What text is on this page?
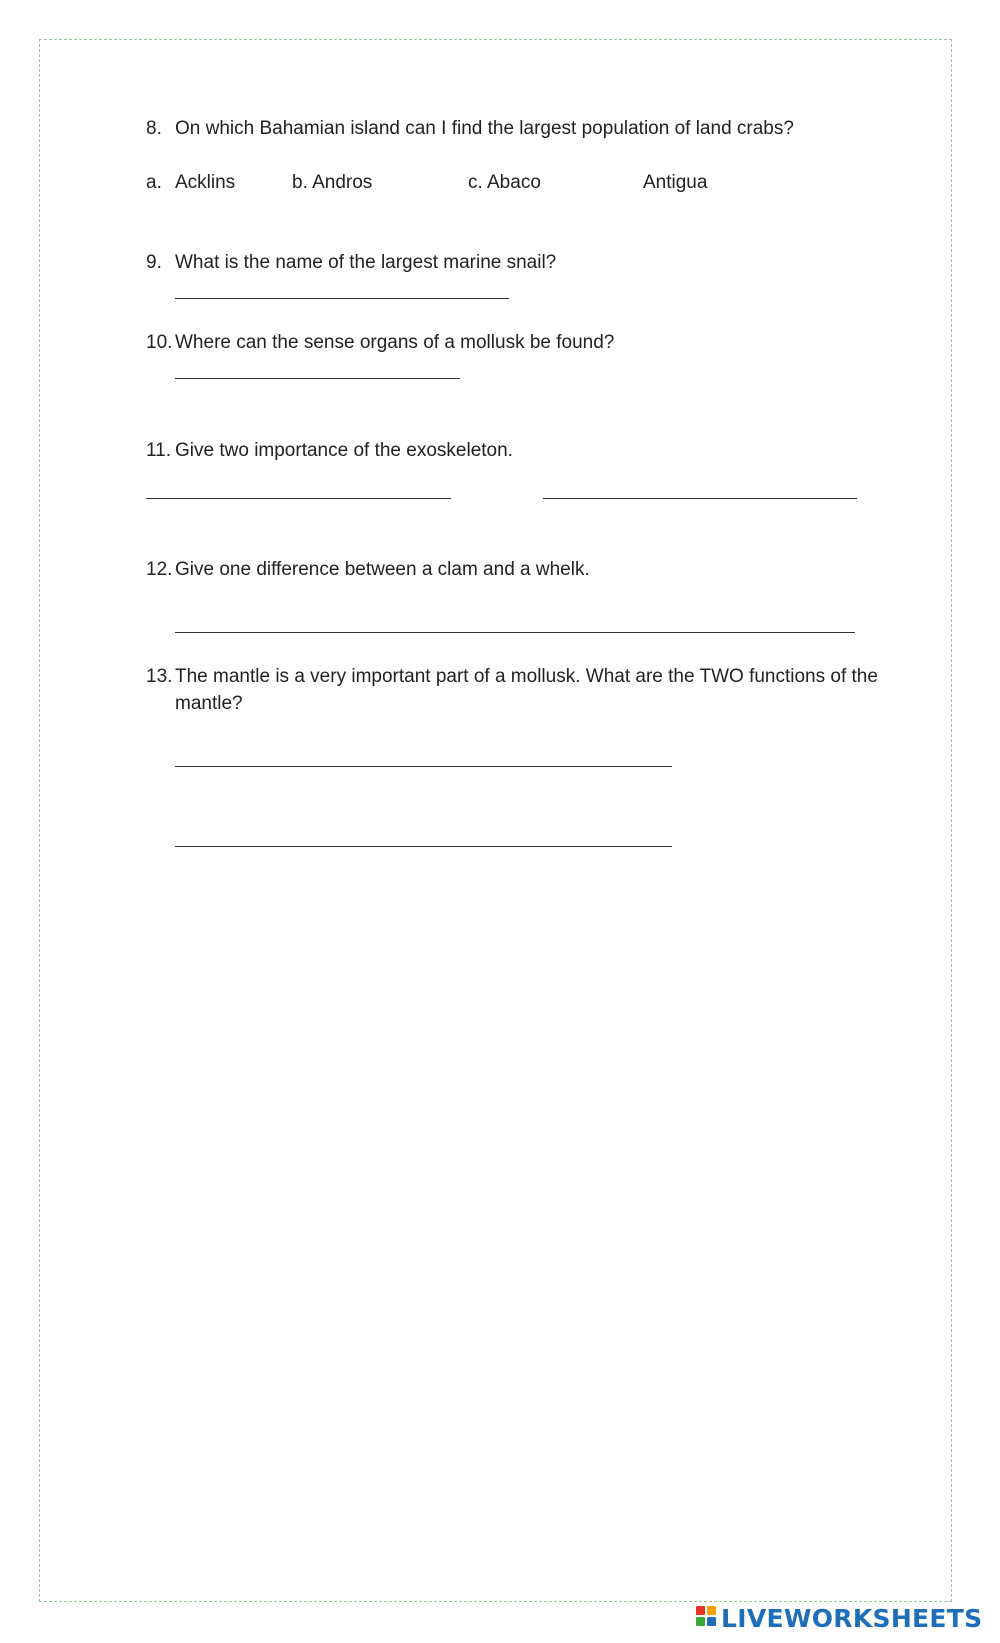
8. On which Bahamian island can I find the largest population of land crabs?
a. Acklins	b. Andros	c. Abaco	Antigua
9. What is the name of the largest marine snail?
10. Where can the sense organs of a mollusk be found?
11. Give two importance of the exoskeleton.
12. Give one difference between a clam and a whelk.
13. The mantle is a very important part of a mollusk. What are the TWO functions of the
mantle?
LIVEWORKSHEETS
